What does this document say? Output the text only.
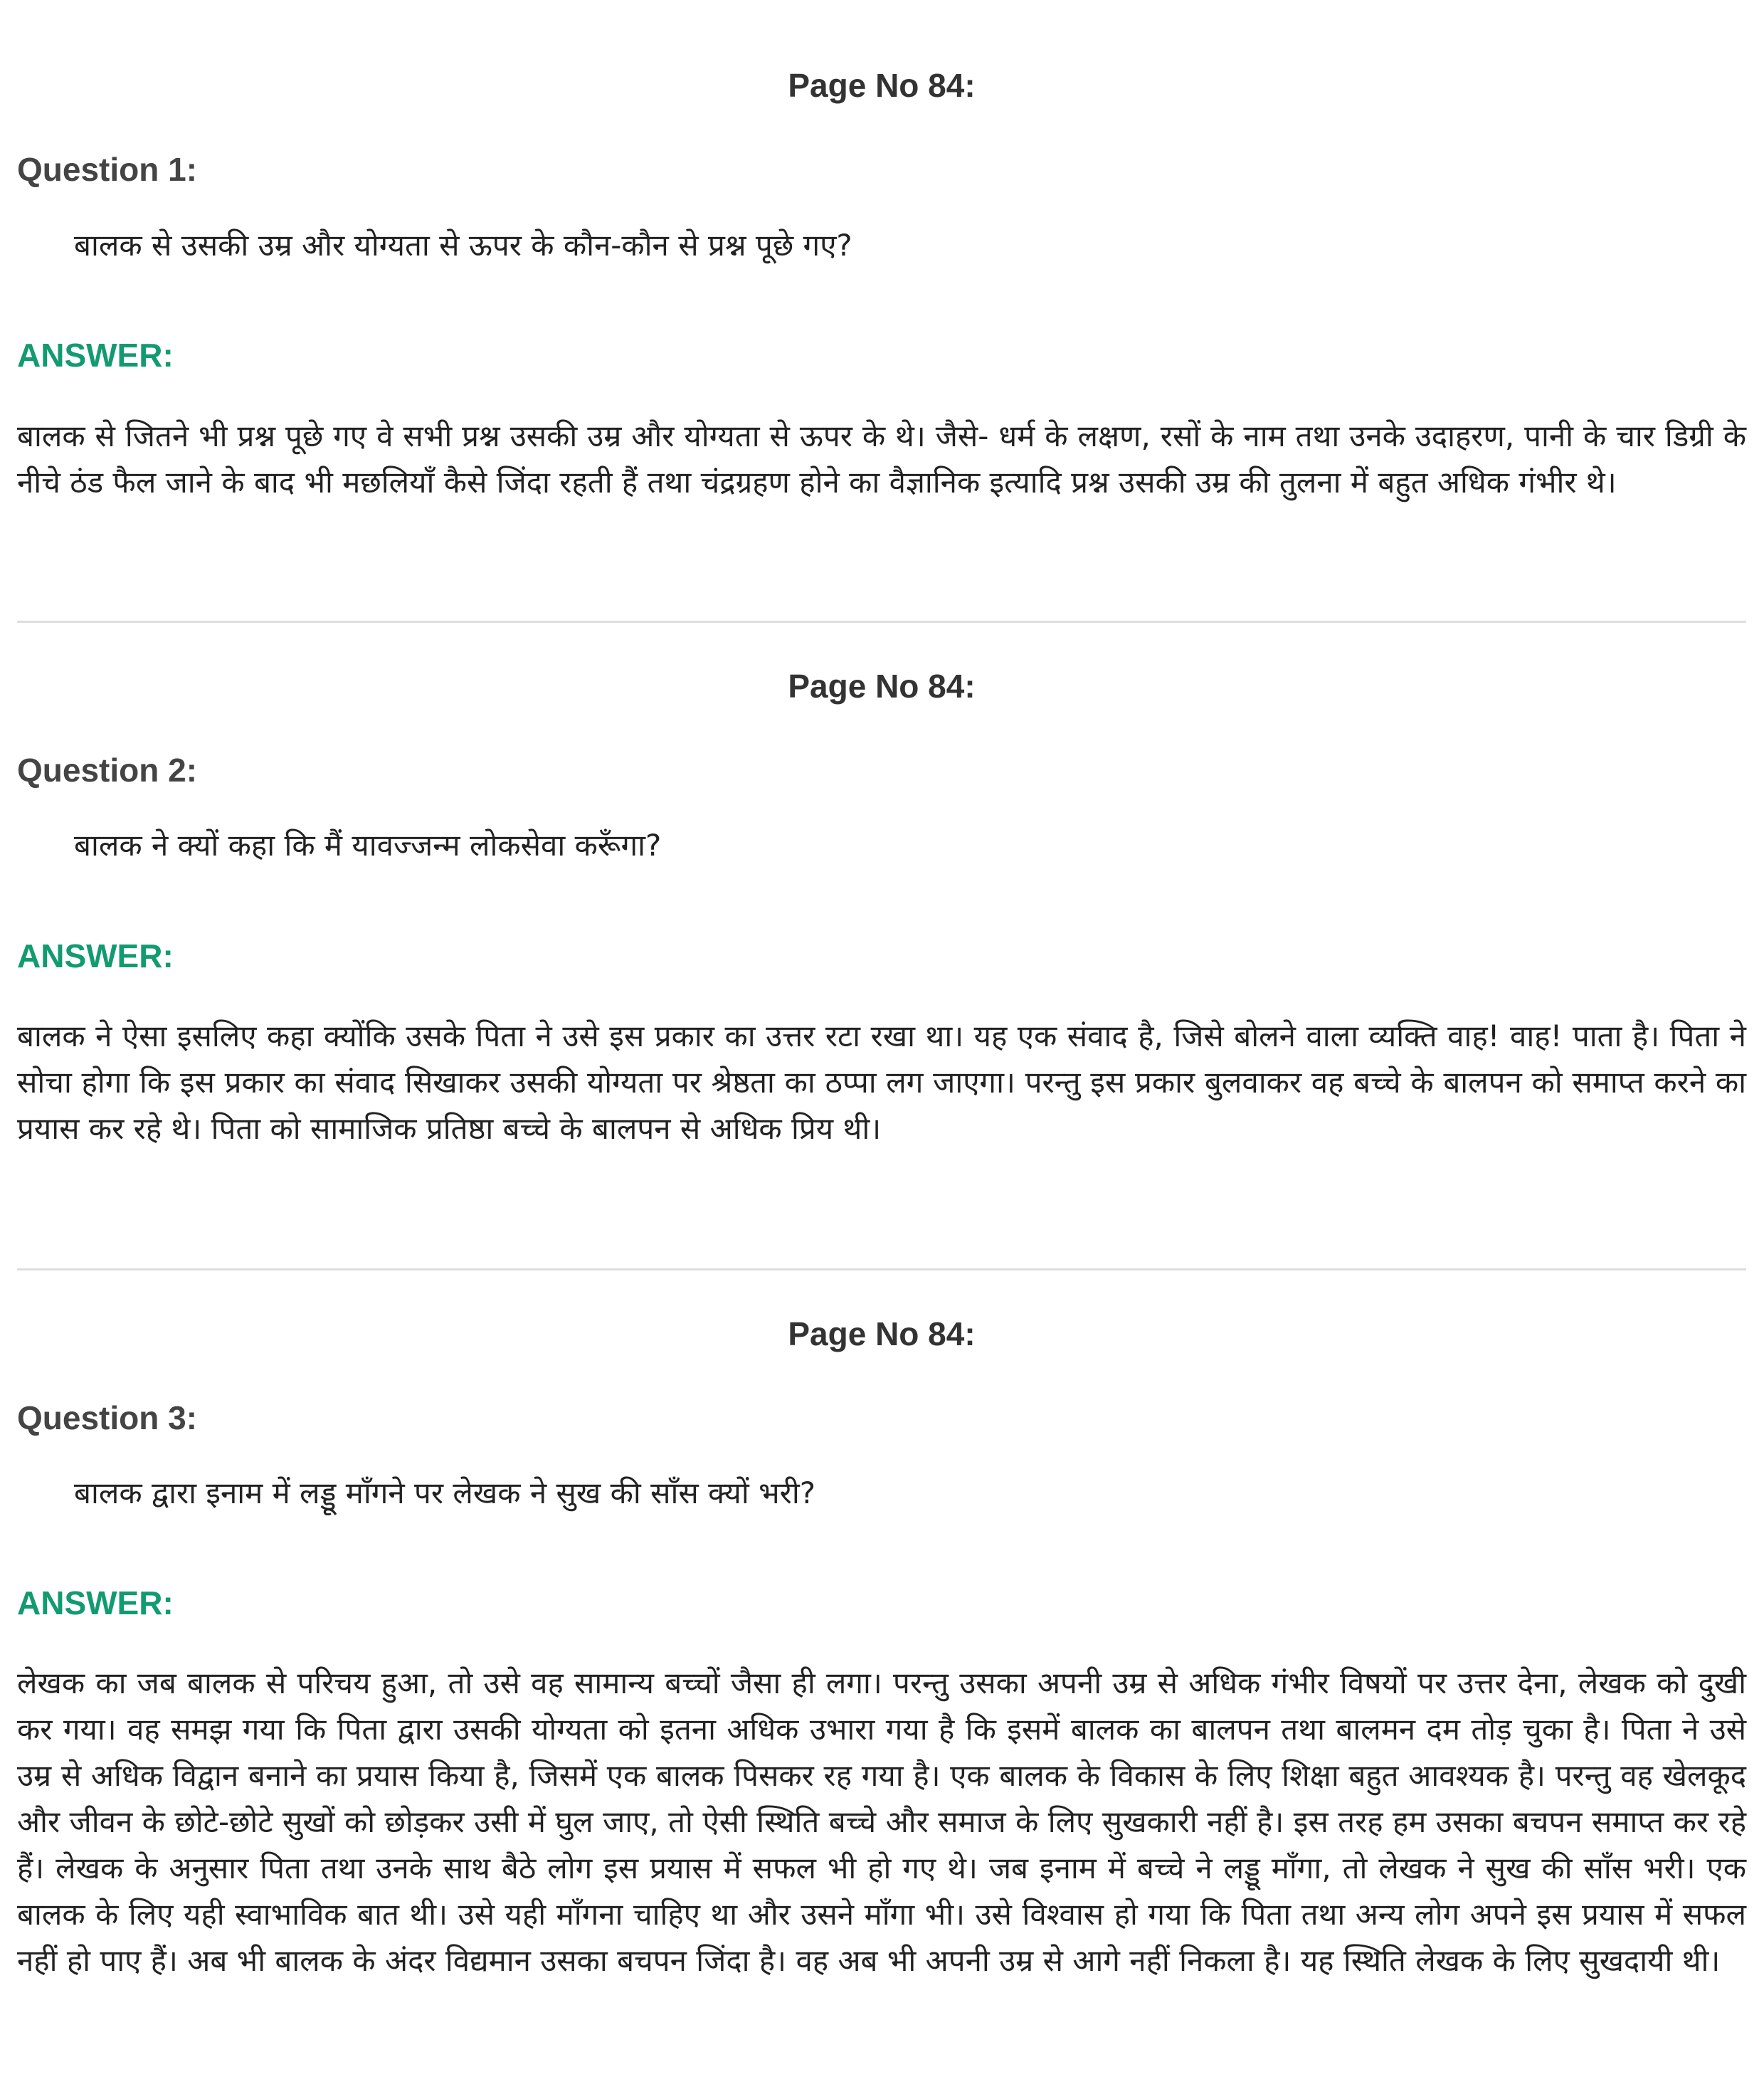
Page No 84:
Question 1:
बालक से उसकी उम्र और योग्यता से ऊपर के कौन-कौन से प्रश्न पूछे गए?
ANSWER:
बालक से जितने भी प्रश्न पूछे गए वे सभी प्रश्न उसकी उम्र और योग्यता से ऊपर के थे। जैसे- धर्म के लक्षण, रसों के नाम तथा उनके उदाहरण, पानी के चार डिग्री के नीचे ठंड फैल जाने के बाद भी मछलियाँ कैसे जिंदा रहती हैं तथा चंद्रग्रहण होने का वैज्ञानिक इत्यादि प्रश्न उसकी उम्र की तुलना में बहुत अधिक गंभीर थे।
Page No 84:
Question 2:
बालक ने क्यों कहा कि मैं यावज्जन्म लोकसेवा करूँगा?
ANSWER:
बालक ने ऐसा इसलिए कहा क्योंकि उसके पिता ने उसे इस प्रकार का उत्तर रटा रखा था। यह एक संवाद है, जिसे बोलने वाला व्यक्ति वाह! वाह! पाता है। पिता ने सोचा होगा कि इस प्रकार का संवाद सिखाकर उसकी योग्यता पर श्रेष्ठता का ठप्पा लग जाएगा। परन्तु इस प्रकार बुलवाकर वह बच्चे के बालपन को समाप्त करने का प्रयास कर रहे थे। पिता को सामाजिक प्रतिष्ठा बच्चे के बालपन से अधिक प्रिय थी।
Page No 84:
Question 3:
बालक द्वारा इनाम में लड्डू माँगने पर लेखक ने सुख की साँस क्यों भरी?
ANSWER:
लेखक का जब बालक से परिचय हुआ, तो उसे वह सामान्य बच्चों जैसा ही लगा। परन्तु उसका अपनी उम्र से अधिक गंभीर विषयों पर उत्तर देना, लेखक को दुखी कर गया। वह समझ गया कि पिता द्वारा उसकी योग्यता को इतना अधिक उभारा गया है कि इसमें बालक का बालपन तथा बालमन दम तोड़ चुका है। पिता ने उसे उम्र से अधिक विद्वान बनाने का प्रयास किया है, जिसमें एक बालक पिसकर रह गया है। एक बालक के विकास के लिए शिक्षा बहुत आवश्यक है। परन्तु वह खेलकूद और जीवन के छोटे-छोटे सुखों को छोड़कर उसी में घुल जाए, तो ऐसी स्थिति बच्चे और समाज के लिए सुखकारी नहीं है। इस तरह हम उसका बचपन समाप्त कर रहे हैं। लेखक के अनुसार पिता तथा उनके साथ बैठे लोग इस प्रयास में सफल भी हो गए थे। जब इनाम में बच्चे ने लड्डू माँगा, तो लेखक ने सुख की साँस भरी। एक बालक के लिए यही स्वाभाविक बात थी। उसे यही माँगना चाहिए था और उसने माँगा भी। उसे विश्वास हो गया कि पिता तथा अन्य लोग अपने इस प्रयास में सफल नहीं हो पाए हैं। अब भी बालक के अंदर विद्यमान उसका बचपन जिंदा है। वह अब भी अपनी उम्र से आगे नहीं निकला है। यह स्थिति लेखक के लिए सुखदायी थी।
